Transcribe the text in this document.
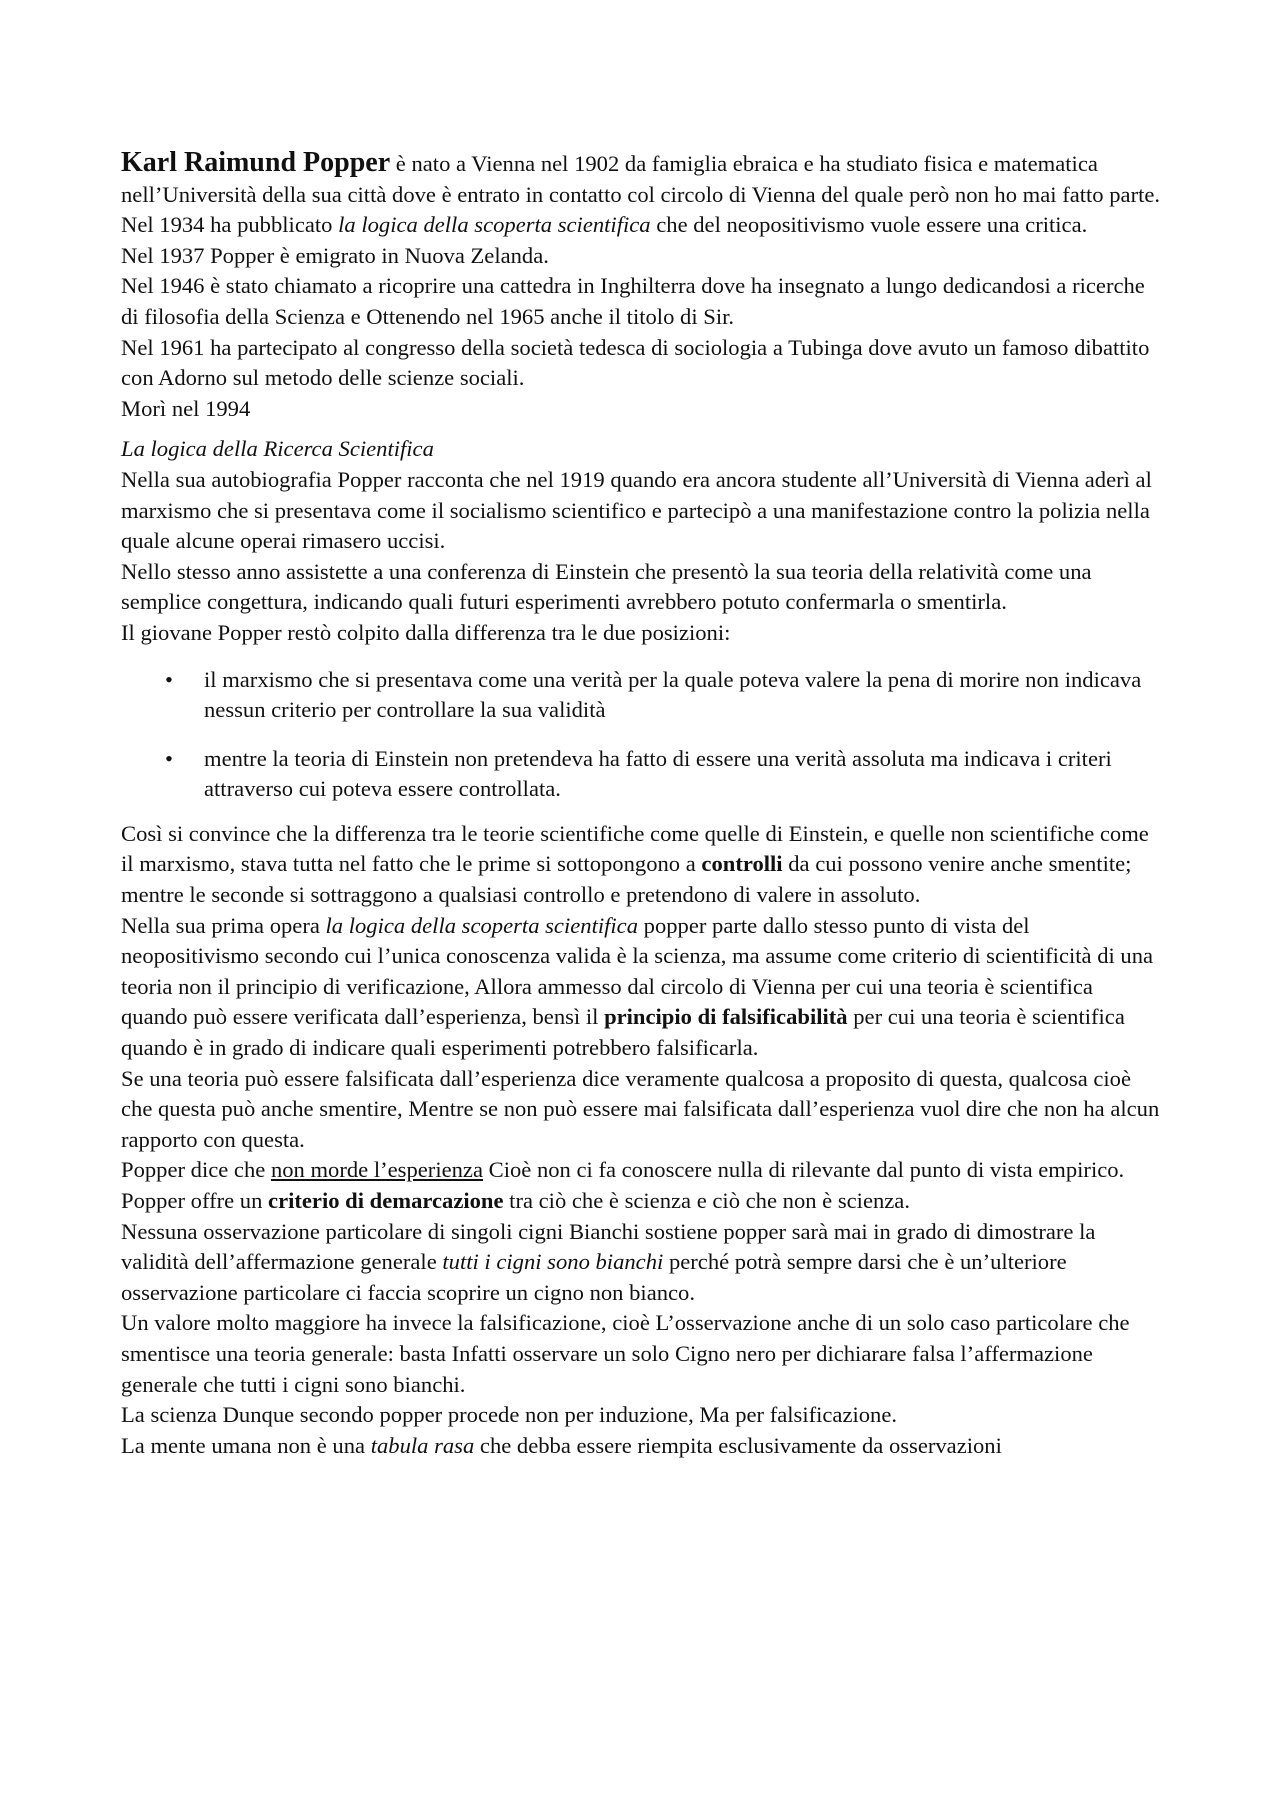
Karl Raimund Popper è nato a Vienna nel 1902 da famiglia ebraica e ha studiato fisica e matematica nell’Università della sua città dove è entrato in contatto col circolo di Vienna del quale però non ho mai fatto parte.

Nel 1934 ha pubblicato la logica della scoperta scientifica che del neopositivismo vuole essere una critica.

Nel 1937 Popper è emigrato in Nuova Zelanda.

Nel 1946 è stato chiamato a ricoprire una cattedra in Inghilterra dove ha insegnato a lungo dedicandosi a ricerche di filosofia della Scienza e Ottenendo nel 1965 anche il titolo di Sir.

Nel 1961 ha partecipato al congresso della società tedesca di sociologia a Tubinga dove avuto un famoso dibattito con Adorno sul metodo delle scienze sociali.

Morì nel 1994

La logica della Ricerca Scientifica

Nella sua autobiografia Popper racconta che nel 1919 quando era ancora studente all’Università di Vienna aderì al marxismo che si presentava come il socialismo scientifico e partecipò a una manifestazione contro la polizia nella quale alcune operai rimasero uccisi.

Nello stesso anno assistette a una conferenza di Einstein che presentò la sua teoria della relatività come una semplice congettura, indicando quali futuri esperimenti avrebbero potuto confermarla o smentirla.

Il giovane Popper restò colpito dalla differenza tra le due posizioni:

• il marxismo che si presentava come una verità per la quale poteva valere la pena di morire non indicava nessun criterio per controllare la sua validità
• mentre la teoria di Einstein non pretendeva ha fatto di essere una verità assoluta ma indicava i criteri attraverso cui poteva essere controllata.

Così si convince che la differenza tra le teorie scientifiche come quelle di Einstein, e quelle non scientifiche come il marxismo, stava tutta nel fatto che le prime si sottopongono a controlli da cui possono venire anche smentite; mentre le seconde si sottraggono a qualsiasi controllo e pretendono di valere in assoluto.

Nella sua prima opera la logica della scoperta scientifica popper parte dallo stesso punto di vista del neopositivismo secondo cui l’unica conoscenza valida è la scienza, ma assume come criterio di scientificità di una teoria non il principio di verificazione, Allora ammesso dal circolo di Vienna per cui una teoria è scientifica quando può essere verificata dall’esperienza, bensì il principio di falsificabilità per cui una teoria è scientifica quando è in grado di indicare quali esperimenti potrebbero falsificarla.

Se una teoria può essere falsificata dall’esperienza dice veramente qualcosa a proposito di questa, qualcosa cioè che questa può anche smentire, Mentre se non può essere mai falsificata dall’esperienza vuol dire che non ha alcun rapporto con questa.

Popper dice che non morde l’esperienza Cioè non ci fa conoscere nulla di rilevante dal punto di vista empirico.

Popper offre un criterio di demarcazione tra ciò che è scienza e ciò che non è scienza.

Nessuna osservazione particolare di singoli cigni Bianchi sostiene popper sarà mai in grado di dimostrare la validità dell’affermazione generale tutti i cigni sono bianchi perché potrà sempre darsi che è un’ulteriore osservazione particolare ci faccia scoprire un cigno non bianco.

Un valore molto maggiore ha invece la falsificazione, cioè L’osservazione anche di un solo caso particolare che smentisce una teoria generale: basta Infatti osservare un solo Cigno nero per dichiarare falsa l’affermazione generale che tutti i cigni sono bianchi.

La scienza Dunque secondo popper procede non per induzione, Ma per falsificazione.

La mente umana non è una tabula rasa che debba essere riempita esclusivamente da osservazioni
